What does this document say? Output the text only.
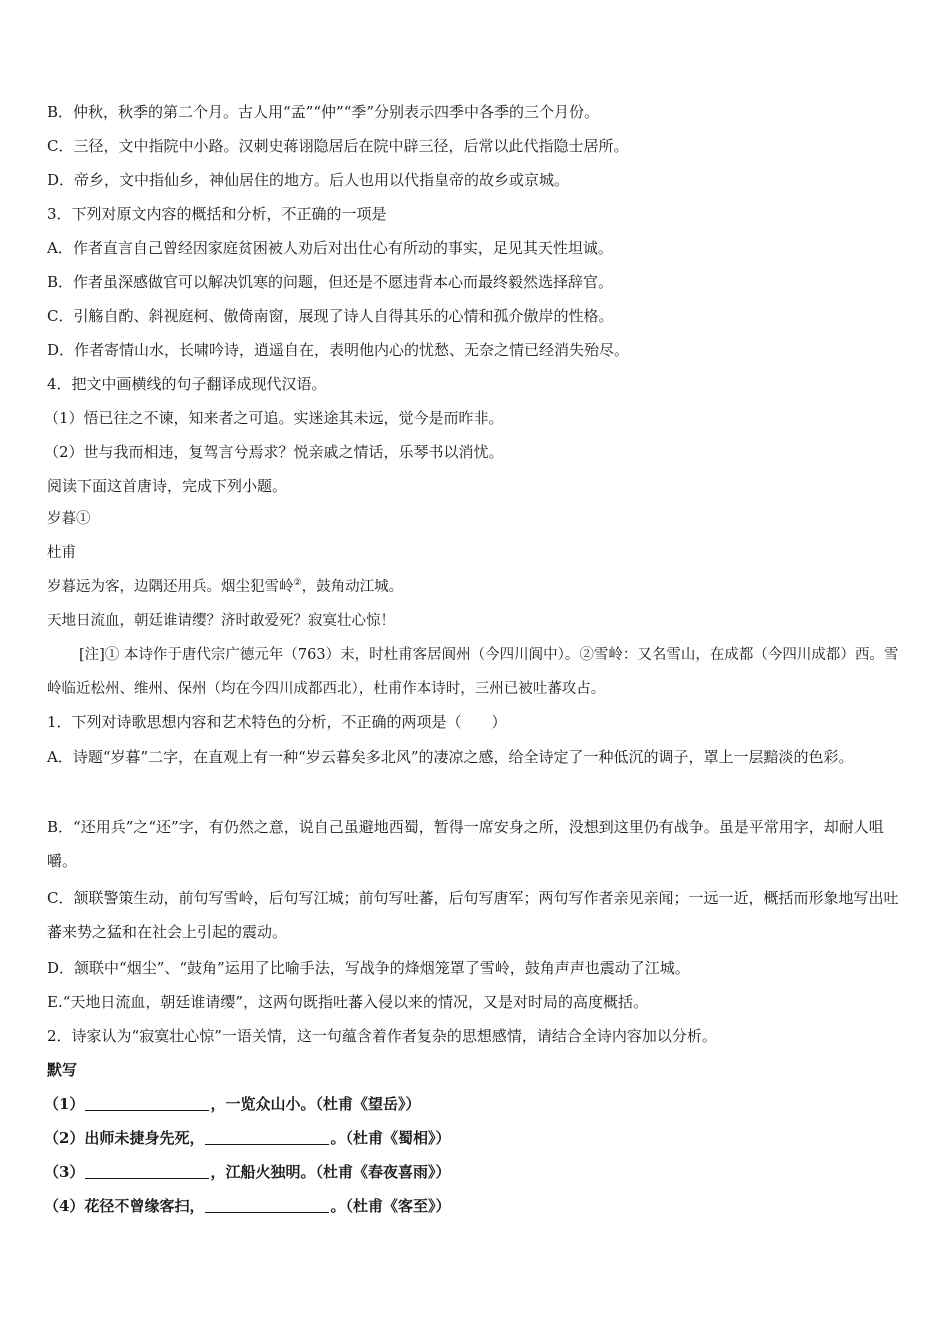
B．仲秋，秋季的第二个月。古人用“孟”“仲”“季”分别表示四季中各季的三个月份。

C．三径，文中指院中小路。汉刺史蒋诩隐居后在院中辟三径，后常以此代指隐士居所。

D．帝乡，文中指仙乡，神仙居住的地方。后人也用以代指皇帝的故乡或京城。

3．下列对原文内容的概括和分析，不正确的一项是

A．作者直言自己曾经因家庭贫困被人劝后对出仕心有所动的事实，足见其天性坦诚。

B．作者虽深感做官可以解决饥寒的问题，但还是不愿违背本心而最终毅然选择辞官。

C．引觞自酌、斜视庭柯、傲倚南窗，展现了诗人自得其乐的心情和孤介傲岸的性格。

D．作者寄情山水，长啸吟诗，逍遥自在，表明他内心的忧愁、无奈之情已经消失殆尽。

4．把文中画横线的句子翻译成现代汉语。

（1）悟已往之不谏，知来者之可追。实迷途其未远，觉今是而昨非。

（2）世与我而相违，复驾言兮焉求？悦亲戚之情话，乐琴书以消忧。

阅读下面这首唐诗，完成下列小题。

岁暮①

杜甫

岁暮远为客，边隅还用兵。烟尘犯雪岭②，鼓角动江城。

天地日流血，朝廷谁请缨？济时敢爱死？寂寞壮心惊！

[注]① 本诗作于唐代宗广德元年（763）末，时杜甫客居阆州（今四川阆中）。②雪岭：又名雪山，在成都（今四川成都）西。雪岭临近松州、维州、保州（均在今四川成都西北），杜甫作本诗时，三州已被吐蕃攻占。

1．下列对诗歌思想内容和艺术特色的分析，不正确的两项是（　　）

A．诗题“岁暮”二字，在直观上有一种“岁云暮矣多北风”的凄凉之感，给全诗定了一种低沉的调子，罩上一层黯淡的色彩。

B．“还用兵”之“还”字，有仍然之意，说自己虽避地西蜀，暂得一席安身之所，没想到这里仍有战争。虽是平常用字，却耐人咀嚼。

C．颔联警策生动，前句写雪岭，后句写江城；前句写吐蕃，后句写唐军；两句写作者亲见亲闻；一远一近，概括而形象地写出吐蕃来势之猛和在社会上引起的震动。

D．颔联中“烟尘”、“鼓角”运用了比喻手法，写战争的烽烟笼罩了雪岭，鼓角声声也震动了江城。

E.“天地日流血，朝廷谁请缨”，这两句既指吐蕃入侵以来的情况，又是对时局的高度概括。

2．诗家认为“寂寞壮心惊”一语关情，这一句蕴含着作者复杂的思想感情，请结合全诗内容加以分析。

默写

（1）	，一览众山小。（杜甫《望岳》）

（2）出师未捷身先死，	。（杜甫《蜀相》）

（3）	，江船火独明。（杜甫《春夜喜雨》）

（4）花径不曾缘客扫，	。（杜甫《客至》）
